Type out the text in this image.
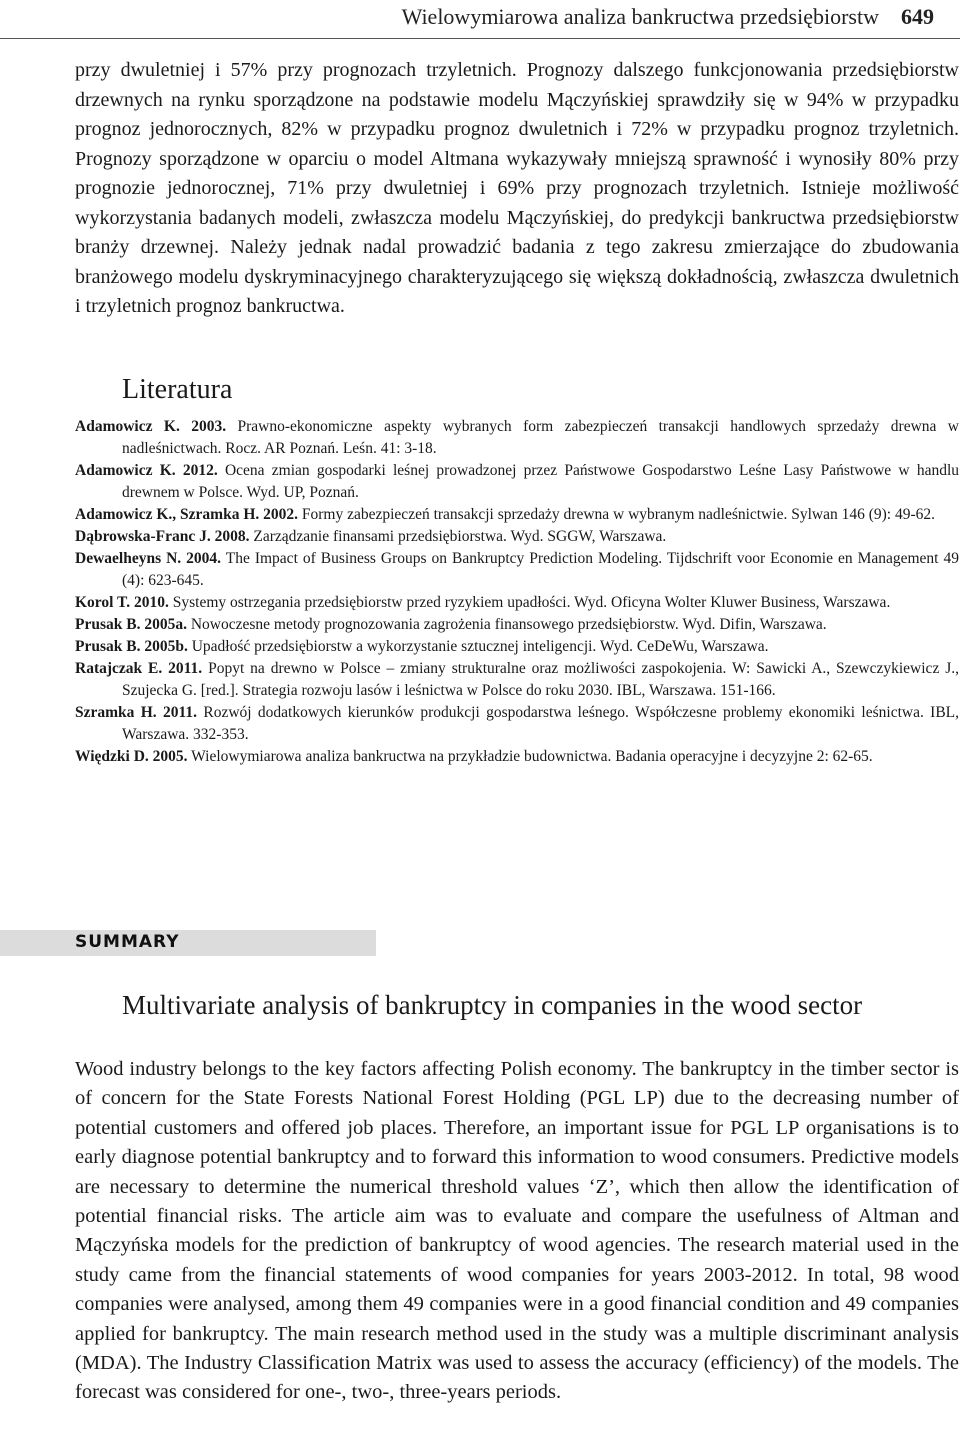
Wielowymiarowa analiza bankructwa przedsiębiorstw 649

przy dwuletniej i 57% przy prognozach trzyletnich. Prognozy dalszego funkcjonowania przedsiębiorstw drzewnych na rynku sporządzone na podstawie modelu Mączyńskiej sprawdziły się w 94% w przypadku prognoz jednorocznych, 82% w przypadku prognoz dwuletnich i 72% w przypadku prognoz trzyletnich. Prognozy sporządzone w oparciu o model Altmana wykazywały mniejszą sprawność i wynosiły 80% przy prognozie jednorocznej, 71% przy dwuletniej i 69% przy prognozach trzyletnich. Istnieje możliwość wykorzystania badanych modeli, zwłaszcza modelu Mączyńskiej, do predykcji bankructwa przedsiębiorstw branży drzewnej. Należy jednak nadal prowadzić badania z tego zakresu zmierzające do zbudowania branżowego modelu dyskryminacyjnego charakteryzującego się większą dokładnością, zwłaszcza dwuletnich i trzyletnich prognoz bankructwa.

Literatura
Adamowicz K. 2003. Prawno-ekonomiczne aspekty wybranych form zabezpieczeń transakcji handlowych sprzedaży drewna w nadleśnictwach. Rocz. AR Poznań. Leśn. 41: 3-18.
Adamowicz K. 2012. Ocena zmian gospodarki leśnej prowadzonej przez Państwowe Gospodarstwo Leśne Lasy Państwowe w handlu drewnem w Polsce. Wyd. UP, Poznań.
Adamowicz K., Szramka H. 2002. Formy zabezpieczeń transakcji sprzedaży drewna w wybranym nadleśnictwie. Sylwan 146 (9): 49-62.
Dąbrowska-Franc J. 2008. Zarządzanie finansami przedsiębiorstwa. Wyd. SGGW, Warszawa.
Dewaelheyns N. 2004. The Impact of Business Groups on Bankruptcy Prediction Modeling. Tijdschrift voor Economie en Management 49 (4): 623-645.
Korol T. 2010. Systemy ostrzegania przedsiębiorstw przed ryzykiem upadłości. Wyd. Oficyna Wolter Kluwer Business, Warszawa.
Prusak B. 2005a. Nowoczesne metody prognozowania zagrożenia finansowego przedsiębiorstw. Wyd. Difin, Warszawa.
Prusak B. 2005b. Upadłość przedsiębiorstw a wykorzystanie sztucznej inteligencji. Wyd. CeDeWu, Warszawa.
Ratajczak E. 2011. Popyt na drewno w Polsce – zmiany strukturalne oraz możliwości zaspokojenia. W: Sawicki A., Szewczykiewicz J., Szujecka G. [red.]. Strategia rozwoju lasów i leśnictwa w Polsce do roku 2030. IBL, Warszawa. 151-166.
Szramka H. 2011. Rozwój dodatkowych kierunków produkcji gospodarstwa leśnego. Współczesne problemy ekonomiki leśnictwa. IBL, Warszawa. 332-353.
Więdzki D. 2005. Wielowymiarowa analiza bankructwa na przykładzie budownictwa. Badania operacyjne i decyzyjne 2: 62-65.
SUMMARY
Multivariate analysis of bankruptcy in companies in the wood sector

Wood industry belongs to the key factors affecting Polish economy. The bankruptcy in the timber sector is of concern for the State Forests National Forest Holding (PGL LP) due to the decreasing number of potential customers and offered job places. Therefore, an important issue for PGL LP organisations is to early diagnose potential bankruptcy and to forward this information to wood consumers. Predictive models are necessary to determine the numerical threshold values ‘Z’, which then allow the identification of potential financial risks. The article aim was to evaluate and compare the usefulness of Altman and Mączyńska models for the prediction of bankruptcy of wood agencies. The research material used in the study came from the financial statements of wood companies for years 2003-2012. In total, 98 wood companies were analysed, among them 49 companies were in a good financial condition and 49 companies applied for bankruptcy. The main research method used in the study was a multiple discriminant analysis (MDA). The Industry Classification Matrix was used to assess the accuracy (efficiency) of the models. The forecast was considered for one-, two-, three-years periods.
